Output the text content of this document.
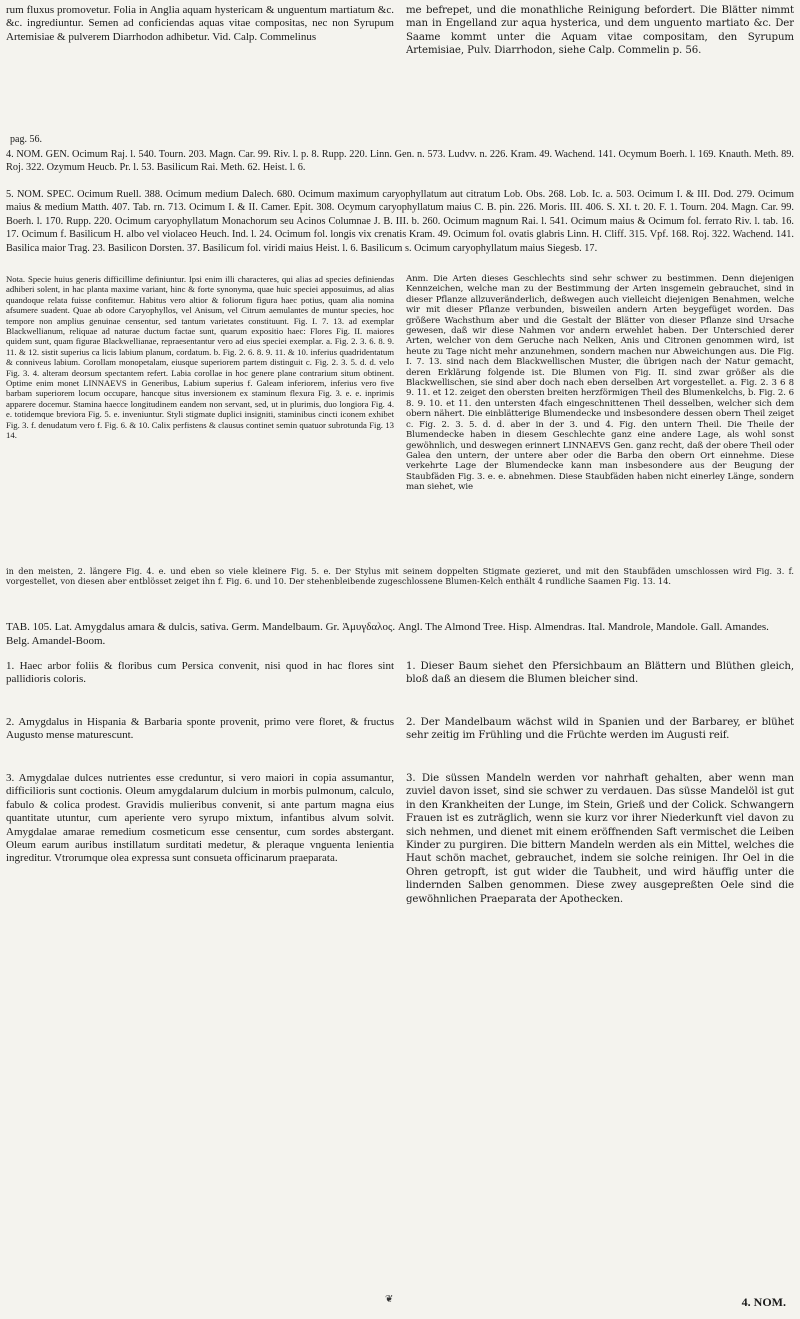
rum fluxus promovetur. Folia in Anglia aquam hystericam & unguentum martiatum &c. &c. ingrediuntur. Semen ad conficiendas aquas vitae compositas, nec non Syrupum Artemisiae & pulverem Diarrhodon adhibetur. Vid. Calp. Commelinus

me befrepet, und die monathliche Reinigung befordert. Die Blätter nimmt man in Engelland zur aqua hysterica, und dem unguento martiato &c. Der Saame kommt unter die Aquam vitae compositam, den Syrupum Artemisiae, Pulv. Diarrhodon, siehe Calp. Commelin p. 56.

pag. 56.
4. NOM. GEN. Ocimum Raj. l. 540. Tourn. 203. Magn. Car. 99. Riv. l. p. 8. Rupp. 220. Linn. Gen. n. 573. Ludvv. n. 226. Kram. 49. Wachend. 141. Ocymum Boerh. l. 169. Knauth. Meth. 89. Roj. 322. Ozymum Heucb. Pr. l. 53. Basilicum Rai. Meth. 62. Heist. l. 6.
5. NOM. SPEC. Ocimum Ruell. 388. Ocimum medium Dalech. 680. Ocimum maximum caryophyllatum aut citratum Lob. Obs. 268. Lob. Ic. a. 503. Ocimum I. & III. Dod. 279. Ocimum maius & medium Matth. 407. Tab. rn. 713. Ocimum I. & II. Camer. Epit. 308. Ocymum caryophyllatum maius C. B. pin. 226. Moris. III. 406. S. XI. t. 20. F. 1. Tourn. 204. Magn. Car. 99. Boerh. l. 170. Rupp. 220. Ocimum caryophyllatum Monachorum seu Acinos Columnae J. B. III. b. 260. Ocimum magnum Rai. l. 541. Ocimum maius & Ocimum fol. ferrato Riv. l. tab. 16. 17. Ocimum f. Basilicum H. albo vel violaceo Heuch. Ind. l. 24. Ocimum fol. longis vix crenatis Kram. 49. Ocimum fol. ovatis glabris Linn. H. Cliff. 315. Vpf. 168. Roj. 322. Wachend. 141. Basilica maior Trag. 23. Basilicon Dorsten. 37. Basilicum fol. viridi maius Heist. l. 6. Basilicum s. Ocimum caryophyllatum maius Siegesb. 17.

Nota. Specie huius generis difficillime definiuntur. Ipsi enim illi characteres, qui alias ad species definiendas adhiberi solent, in hac planta maxime variant, hinc & forte synonyma, quae huic speciei apposuimus, ad alias quandoque relata fuisse confitemur. Habitus vero altior & foliorum figura haec potius, quam alia nomina afsumere suadent. Quae ab odore Caryophyllos, vel Anisum, vel Citrum aemulantes de muntur species, hoc tempore non amplius genuinae censentur, sed tantum varietates constituunt. Fig. I. 7. 13. ad exemplar Blackwellianum, reliquae ad naturae ductum factae sunt, quarum expositio haec: Flores Fig. II. maiores quidem sunt, quam figurae Blackwellianae, repraesentantur vero ad eius speciei exemplar. a. Fig. 2. 3. 6. 8. 9. 11. & 12. sistit superius ca licis labium planum, cordatum. b. Fig. 2. 6. 8. 9. 11. & 10. inferius quadridentatum & conniveus labium. Corollam monopetalam, eiusque superiorem partem distinguit c. Fig. 2. 3. 5. d. d. velo Fig. 3. 4. alteram deorsum spectantem refert. Labia corollae in hoc genere plane contrarium situm obtinent. Optime enim monet LINNAEVS in Generibus, Labium superius f. Galeam inferiorem, inferius vero five barbam superiorem locum occupare, hancque situs inversionem ex staminum flexura Fig. 3. e. e. inprimis apparere docemur. Stamina haecce longitudinem eandem non servant, sed, ut in plurimis, duo longiora Fig. 4. e. totidemque breviora Fig. 5. e. inveniuntur. Styli stigmate duplici insigniti, staminibus cincti iconem exhibet Fig. 3. f. denudatum vero f. Fig. 6. & 10. Calix perfistens & clausus continet semin quatuor subrotunda Fig. 13 14.

Anm. Die Arten dieses Geschlechts sind sehr schwer zu bestimmen. Denn diejenigen Kennzeichen, welche man zu der Bestimmung der Arten insgemein gebrauchet, sind in dieser Pflanze allzuveränderlich, deßwegen auch vielleicht diejenigen Benahmen, welche wir mit dieser Pflanze verbunden, bisweilen andern Arten beygefüget worden. Das größere Wachsthum aber und die Gestalt der Blätter von dieser Pflanze sind Ursache gewesen, daß wir diese Nahmen vor andern erwehlet haben. Der Unterschied derer Arten, welcher von dem Geruche nach Nelken, Anis und Citronen genommen wird, ist heute zu Tage nicht mehr anzunehmen, sondern machen nur Abweichungen aus. Die Fig. I. 7. 13. sind nach dem Blackwellischen Muster, die übrigen nach der Natur gemacht, deren Erklärung folgende ist. Die Blumen von Fig. II. sind zwar größer als die Blackwellischen, sie sind aber doch nach eben derselben Art vorgestellet. a. Fig. 2. 3 6 8 9. 11. et 12. zeiget den obersten breiten herzförmigen Theil des Blumenkelchs, b. Fig. 2. 6 8. 9. 10. et 11. den untersten 4fach eingeschnittenen Theil desselben, welcher sich dem obern nähert. Die einblätterige Blumendecke und insbesondere dessen obern Theil zeiget c. Fig. 2. 3. 5. d. d. aber in der 3. und 4. Fig. den untern Theil. Die Theile der Blumendecke haben in diesem Geschlechte ganz eine andere Lage, als wohl sonst gewöhnlich, und deswegen erinnert LINNAEVS Gen. ganz recht, daß der obere Theil oder Galea den untern, der untere aber oder die Barba den obern Ort einnehme. Diese verkehrte Lage der Blumendecke kann man insbesondere aus der Beugung der Staubfäden Fig. 3. e. e. abnehmen. Diese Staubfäden haben nicht einerley Länge, sondern man siehet, wie

in den meisten, 2. längere Fig. 4. e. und eben so viele kleinere Fig. 5. e. Der Stylus mit seinem doppelten Stigmate gezieret, und mit den Staubfäden umschlossen wird Fig. 3. f. vorgestellet, von diesen aber entblösset zeiget ihn f. Fig. 6. und 10. Der stehenbleibende zugeschlossene Blumen-Kelch enthält 4 rundliche Saamen Fig. 13. 14.
TAB. 105. Lat. Amygdalus amara & dulcis, sativa. Germ. Mandelbaum. Gr. Ἀμυγδαλος. Angl. The Almond Tree. Hisp. Almendras. Ital. Mandrole, Mandole. Gall. Amandes. Belg. Amandel-Boom.

1. Haec arbor foliis & floribus cum Persica convenit, nisi quod in hac flores sint pallidioris coloris.

1. Dieser Baum siehet den Pfersichbaum an Blättern und Blüthen gleich, bloß daß an diesem die Blumen bleicher sind.

2. Amygdalus in Hispania & Barbaria sponte provenit, primo vere floret, & fructus Augusto mense maturescunt.

2. Der Mandelbaum wächst wild in Spanien und der Barbarey, er blühet sehr zeitig im Frühling und die Früchte werden im Augusti reif.

3. Amygdalae dulces nutrientes esse creduntur, si vero maiori in copia assumantur, difficilioris sunt coctionis. Oleum amygdalarum dulcium in morbis pulmonum, calculo, fabulo & colica prodest. Gravidis mulieribus convenit, si ante partum magna eius quantitate utuntur, cum aperiente vero syrupo mixtum, infantibus alvum solvit. Amygdalae amarae remedium cosmeticum esse censentur, cum sordes abstergant. Oleum earum auribus instillatum surditati medetur, & pleraque vnguenta lenientia ingreditur. Vtrorumque olea expressa sunt consueta officinarum praeparata.

3. Die süssen Mandeln werden vor nahrhaft gehalten, aber wenn man zuviel davon isset, sind sie schwer zu verdauen. Das süsse Mandelöl ist gut in den Krankheiten der Lunge, im Stein, Grieß und der Colick. Schwangern Frauen ist es zuträglich, wenn sie kurz vor ihrer Niederkunft viel davon zu sich nehmen, und dienet mit einem eröffnenden Saft vermischet die Leiben Kinder zu purgiren. Die bittern Mandeln werden als ein Mittel, welches die Haut schön machet, gebrauchet, indem sie solche reinigen. Ihr Oel in die Ohren getropft, ist gut wider die Taubheit, und wird häuffig unter die lindernden Salben genommen. Diese zwey ausgepreßten Oele sind die gewöhnlichen Praeparata der Apothecken.

❦	4. NOM.
